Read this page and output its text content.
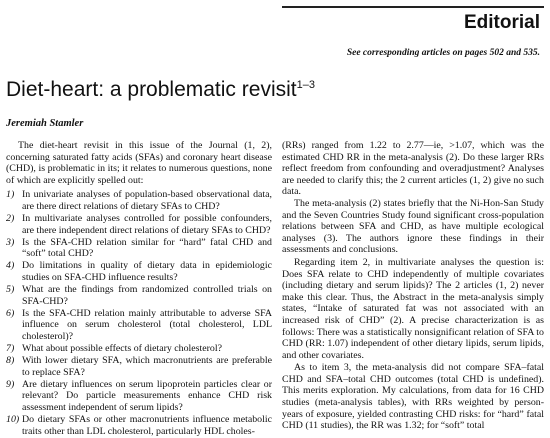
Editorial
See corresponding articles on pages 502 and 535.
Diet-heart: a problematic revisit$^{1-3}$
Jeremiah Stamler

The diet-heart revisit in this issue of the Journal (1, 2), concerning saturated fatty acids (SFAs) and coronary heart disease (CHD), is problematic in its; it relates to numerous questions, none of which are explicitly spelled out:

1) In univariate analyses of population-based observational data, are there direct relations of dietary SFAs to CHD?
2) In multivariate analyses controlled for possible confounders, are there independent direct relations of dietary SFAs to CHD?
3) Is the SFA-CHD relation similar for “hard” fatal CHD and “soft” total CHD?
4) Do limitations in quality of dietary data in epidemiologic studies on SFA-CHD influence results?
5) What are the findings from randomized controlled trials on SFA-CHD?
6) Is the SFA-CHD relation mainly attributable to adverse SFA influence on serum cholesterol (total cholesterol, LDL cholesterol)?
7) What about possible effects of dietary cholesterol?
8) With lower dietary SFA, which macronutrients are preferable to replace SFA?
9) Are dietary influences on serum lipoprotein particles clear or relevant? Do particle measurements enhance CHD risk assessment independent of serum lipids?
10) Do dietary SFAs or other macronutrients influence metabolic traits other than LDL cholesterol, particularly HDL choles-

(RRs) ranged from 1.22 to 2.77—ie, >1.07, which was the estimated CHD RR in the meta-analysis (2). Do these larger RRs reflect freedom from confounding and overadjustment? Analyses are needed to clarify this; the 2 current articles (1, 2) give no such data.

The meta-analysis (2) states briefly that the Ni-Hon-San Study and the Seven Countries Study found significant cross-population relations between SFA and CHD, as have multiple ecological analyses (3). The authors ignore these findings in their assessments and conclusions.

Regarding item 2, in multivariate analyses the question is: Does SFA relate to CHD independently of multiple covariates (including dietary and serum lipids)? The 2 articles (1, 2) never make this clear. Thus, the Abstract in the meta-analysis simply states, “Intake of saturated fat was not associated with an increased risk of CHD” (2). A precise characterization is as follows: There was a statistically nonsignificant relation of SFA to CHD (RR: 1.07) independent of other dietary lipids, serum lipids, and other covariates.

As to item 3, the meta-analysis did not compare SFA–fatal CHD and SFA–total CHD outcomes (total CHD is undefined). This merits exploration. My calculations, from data for 16 CHD studies (meta-analysis tables), with RRs weighted by person-years of exposure, yielded contrasting CHD risks: for “hard” fatal CHD (11 studies), the RR was 1.32; for “soft” total
